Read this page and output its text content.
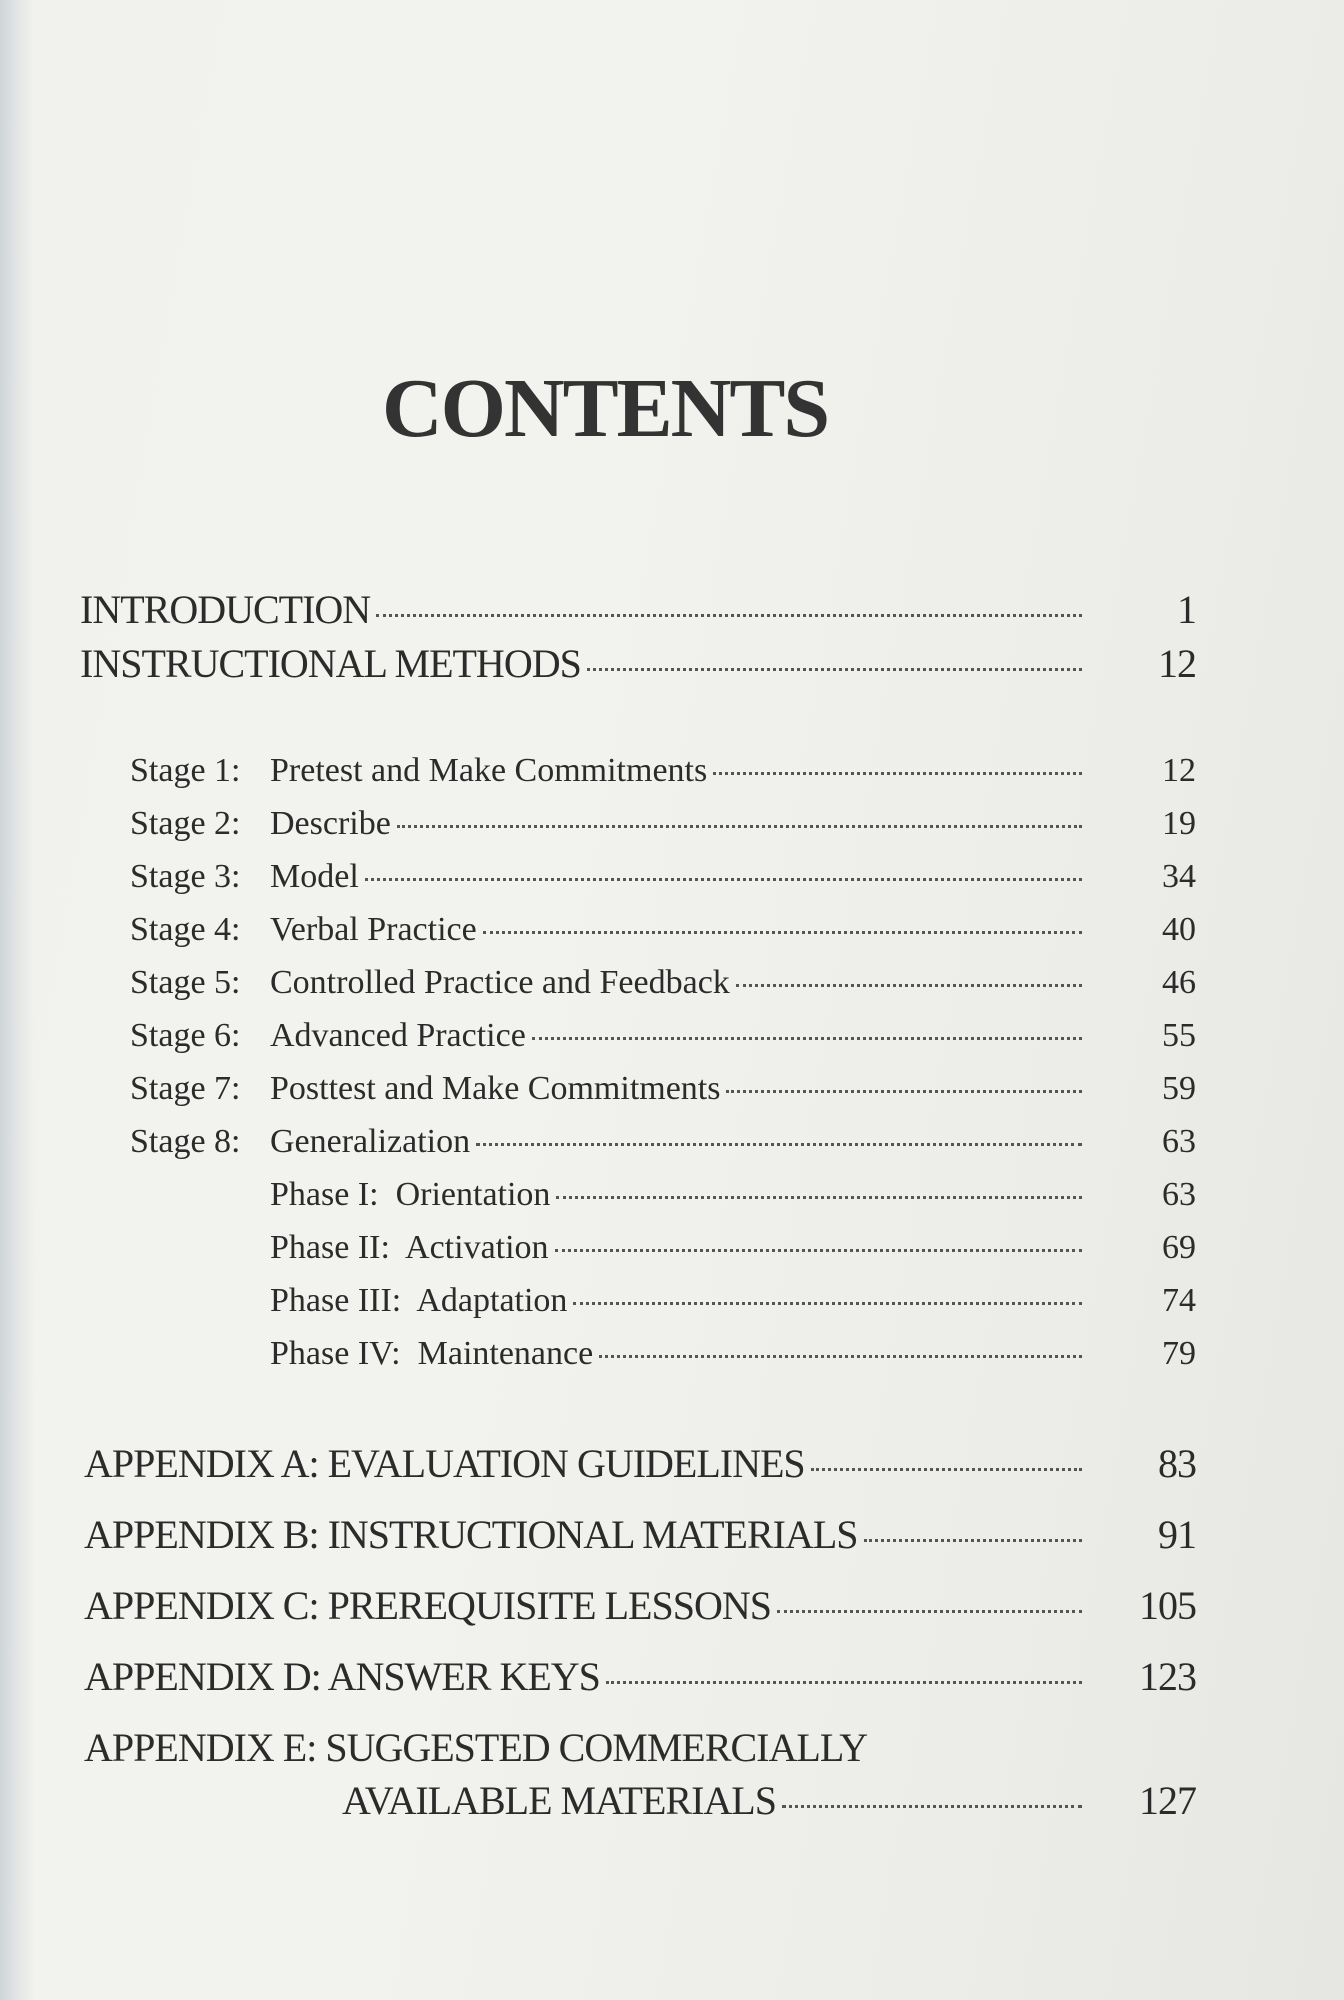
CONTENTS
INTRODUCTION	1
INSTRUCTIONAL METHODS	12
Stage 1: Pretest and Make Commitments	12
Stage 2: Describe	19
Stage 3: Model	34
Stage 4: Verbal Practice	40
Stage 5: Controlled Practice and Feedback	46
Stage 6: Advanced Practice	55
Stage 7: Posttest and Make Commitments	59
Stage 8: Generalization	63
Phase I:  Orientation	63
Phase II:  Activation	69
Phase III:  Adaptation	74
Phase IV:  Maintenance	79
APPENDIX A: EVALUATION GUIDELINES	83
APPENDIX B: INSTRUCTIONAL MATERIALS	91
APPENDIX C: PREREQUISITE LESSONS	105
APPENDIX D: ANSWER KEYS	123
APPENDIX E: SUGGESTED COMMERCIALLY
AVAILABLE MATERIALS	127
